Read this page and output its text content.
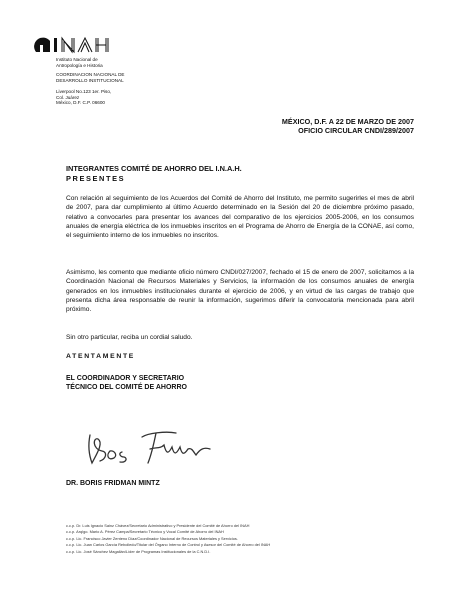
Instituto Nacional de
Antropología e Historia
COORDINACION NACIONAL DE
DESARROLLO INSTITUCIONAL
Liverpool No.123 1er. Piso,
Col. Juárez
México, D.F. C.P. 06600
MÉXICO, D.F. A 22 DE MARZO DE 2007
OFICIO CIRCULAR CNDI/289/2007
INTEGRANTES COMITÉ DE AHORRO DEL I.N.A.H.
PRESENTES

Con relación al seguimiento de los Acuerdos del Comité de Ahorro del Instituto, me permito sugerirles el mes de abril de 2007, para dar cumplimiento al último Acuerdo determinado en la Sesión del 20 de diciembre próximo pasado, relativo a convocarles para presentar los avances del comparativo de los ejercicios 2005-2006, en los consumos anuales de energía eléctrica de los inmuebles inscritos en el Programa de Ahorro de Energía de la CONAE, así como, el seguimiento interno de los inmuebles no inscritos.

Asimismo, les comento que mediante oficio número CNDI/027/2007, fechado el 15 de enero de 2007, solicitamos a la Coordinación Nacional de Recursos Materiales y Servicios, la información de los consumos anuales de energía generados en los inmuebles institucionales durante el ejercicio de 2006, y en virtud de las cargas de trabajo que presenta dicha área responsable de reunir la información, sugerimos diferir la convocatoria mencionada para abril próximo.

Sin otro particular, reciba un cordial saludo.

ATENTAMENTE
EL COORDINADOR Y SECRETARIO
TÉCNICO DEL COMITÉ DE AHORRO
DR. BORIS FRIDMAN MINTZ
c.c.p. Dr. Luis Ignacio Sainz Chávez/Secretario Administrativo y Presidente del Comité de Ahorro del INAH
c.c.p. Arqlgo. Mario A. Pérez Campa/Secretario Técnico y Vocal Comité de Ahorro del INAH
c.c.p. Lic. Francisco Javier Zenteno Díaz/Coordinador Nacional de Recursos Materiales y Servicios.
c.c.p. Lic. Juan Carlos García Rebolledo/Titular del Órgano Interno de Control y Asesor del Comité de Ahorro del INAH
c.c.p. Lic. José Sánchez Magallán/Líder de Programas Institucionales de la C.N.D.I.
